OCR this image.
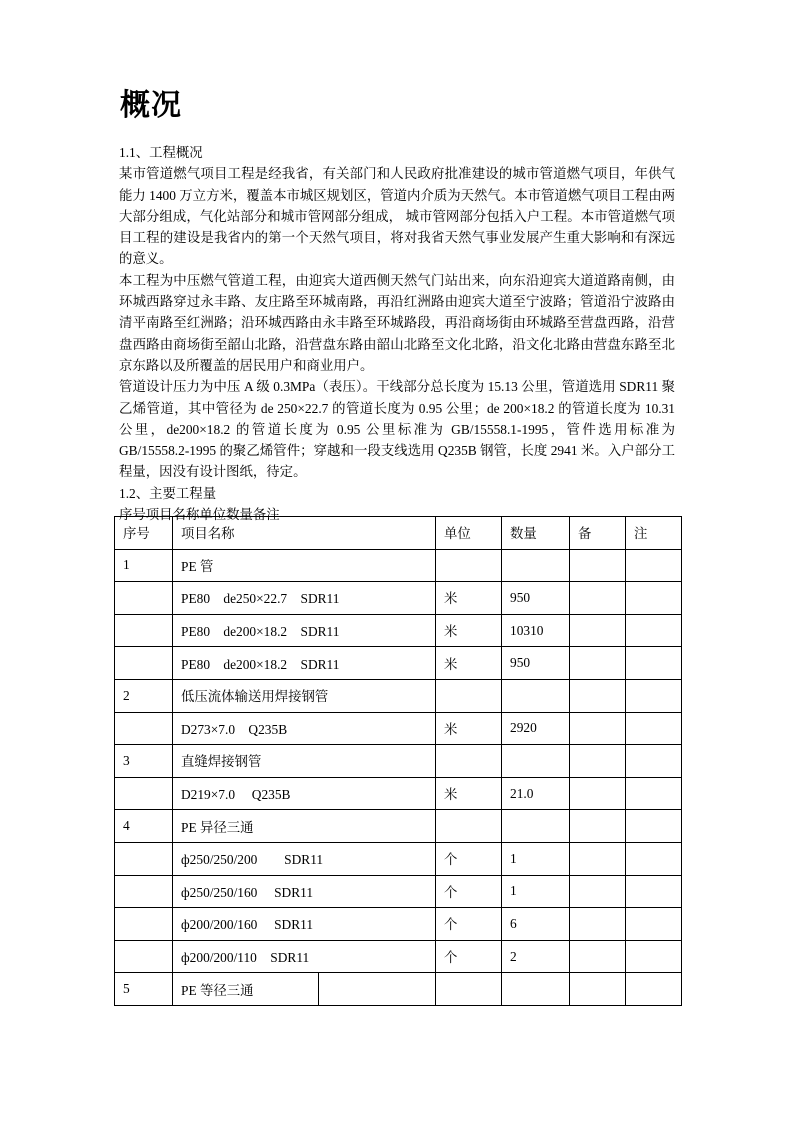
概况

1.1、工程概况

某市管道燃气项目工程是经我省，有关部门和人民政府批准建设的城市管道燃气项目，年供气能力 1400 万立方米，覆盖本市城区规划区，管道内介质为天然气。本市管道燃气项目工程由两大部分组成，气化站部分和城市管网部分组成， 城市管网部分包括入户工程。本市管道燃气项目工程的建设是我省内的第一个天然气项目，将对我省天然气事业发展产生重大影响和有深远的意义。

本工程为中压燃气管道工程，由迎宾大道西侧天然气门站出来，向东沿迎宾大道道路南侧，由环城西路穿过永丰路、友庄路至环城南路，再沿红洲路由迎宾大道至宁波路；管道沿宁波路由清平南路至红洲路；沿环城西路由永丰路至环城路段，再沿商场街由环城路至营盘西路，沿营盘西路由商场街至韶山北路，沿营盘东路由韶山北路至文化北路，沿文化北路由营盘东路至北京东路以及所覆盖的居民用户和商业用户。

管道设计压力为中压 A 级 0.3MPa（表压）。干线部分总长度为 15.13 公里，管道选用 SDR11 聚乙烯管道，其中管径为 de 250×22.7 的管道长度为 0.95 公里；de 200×18.2 的管道长度为 10.31 公里，de200×18.2 的管道长度为 0.95 公里标准为 GB/15558.1-1995，管件选用标准为 GB/15558.2-1995 的聚乙烯管件；穿越和一段支线选用 Q235B 钢管，长度 2941 米。入户部分工程量，因没有设计图纸，待定。

1.2、主要工程量

序号项目名称单位数量备注

序号	项目名称		单位	数量	备	注
1	PE 管					
	PE80　de250×22.7　SDR11		米	950		
	PE80　de200×18.2　SDR11		米	10310		
	PE80　de200×18.2　SDR11		米	950		
2	低压流体输送用焊接钢管					
	D273×7.0　Q235B		米	2920		
3	直缝焊接钢管					
	D219×7.0　 Q235B		米	21.0		
4	PE 异径三通					
	ф250/250/200　　SDR11		个	1		
	ф250/250/160　 SDR11		个	1		
	ф200/200/160　 SDR11		个	6		
	ф200/200/110　SDR11		个	2		
5	PE 等径三通					
